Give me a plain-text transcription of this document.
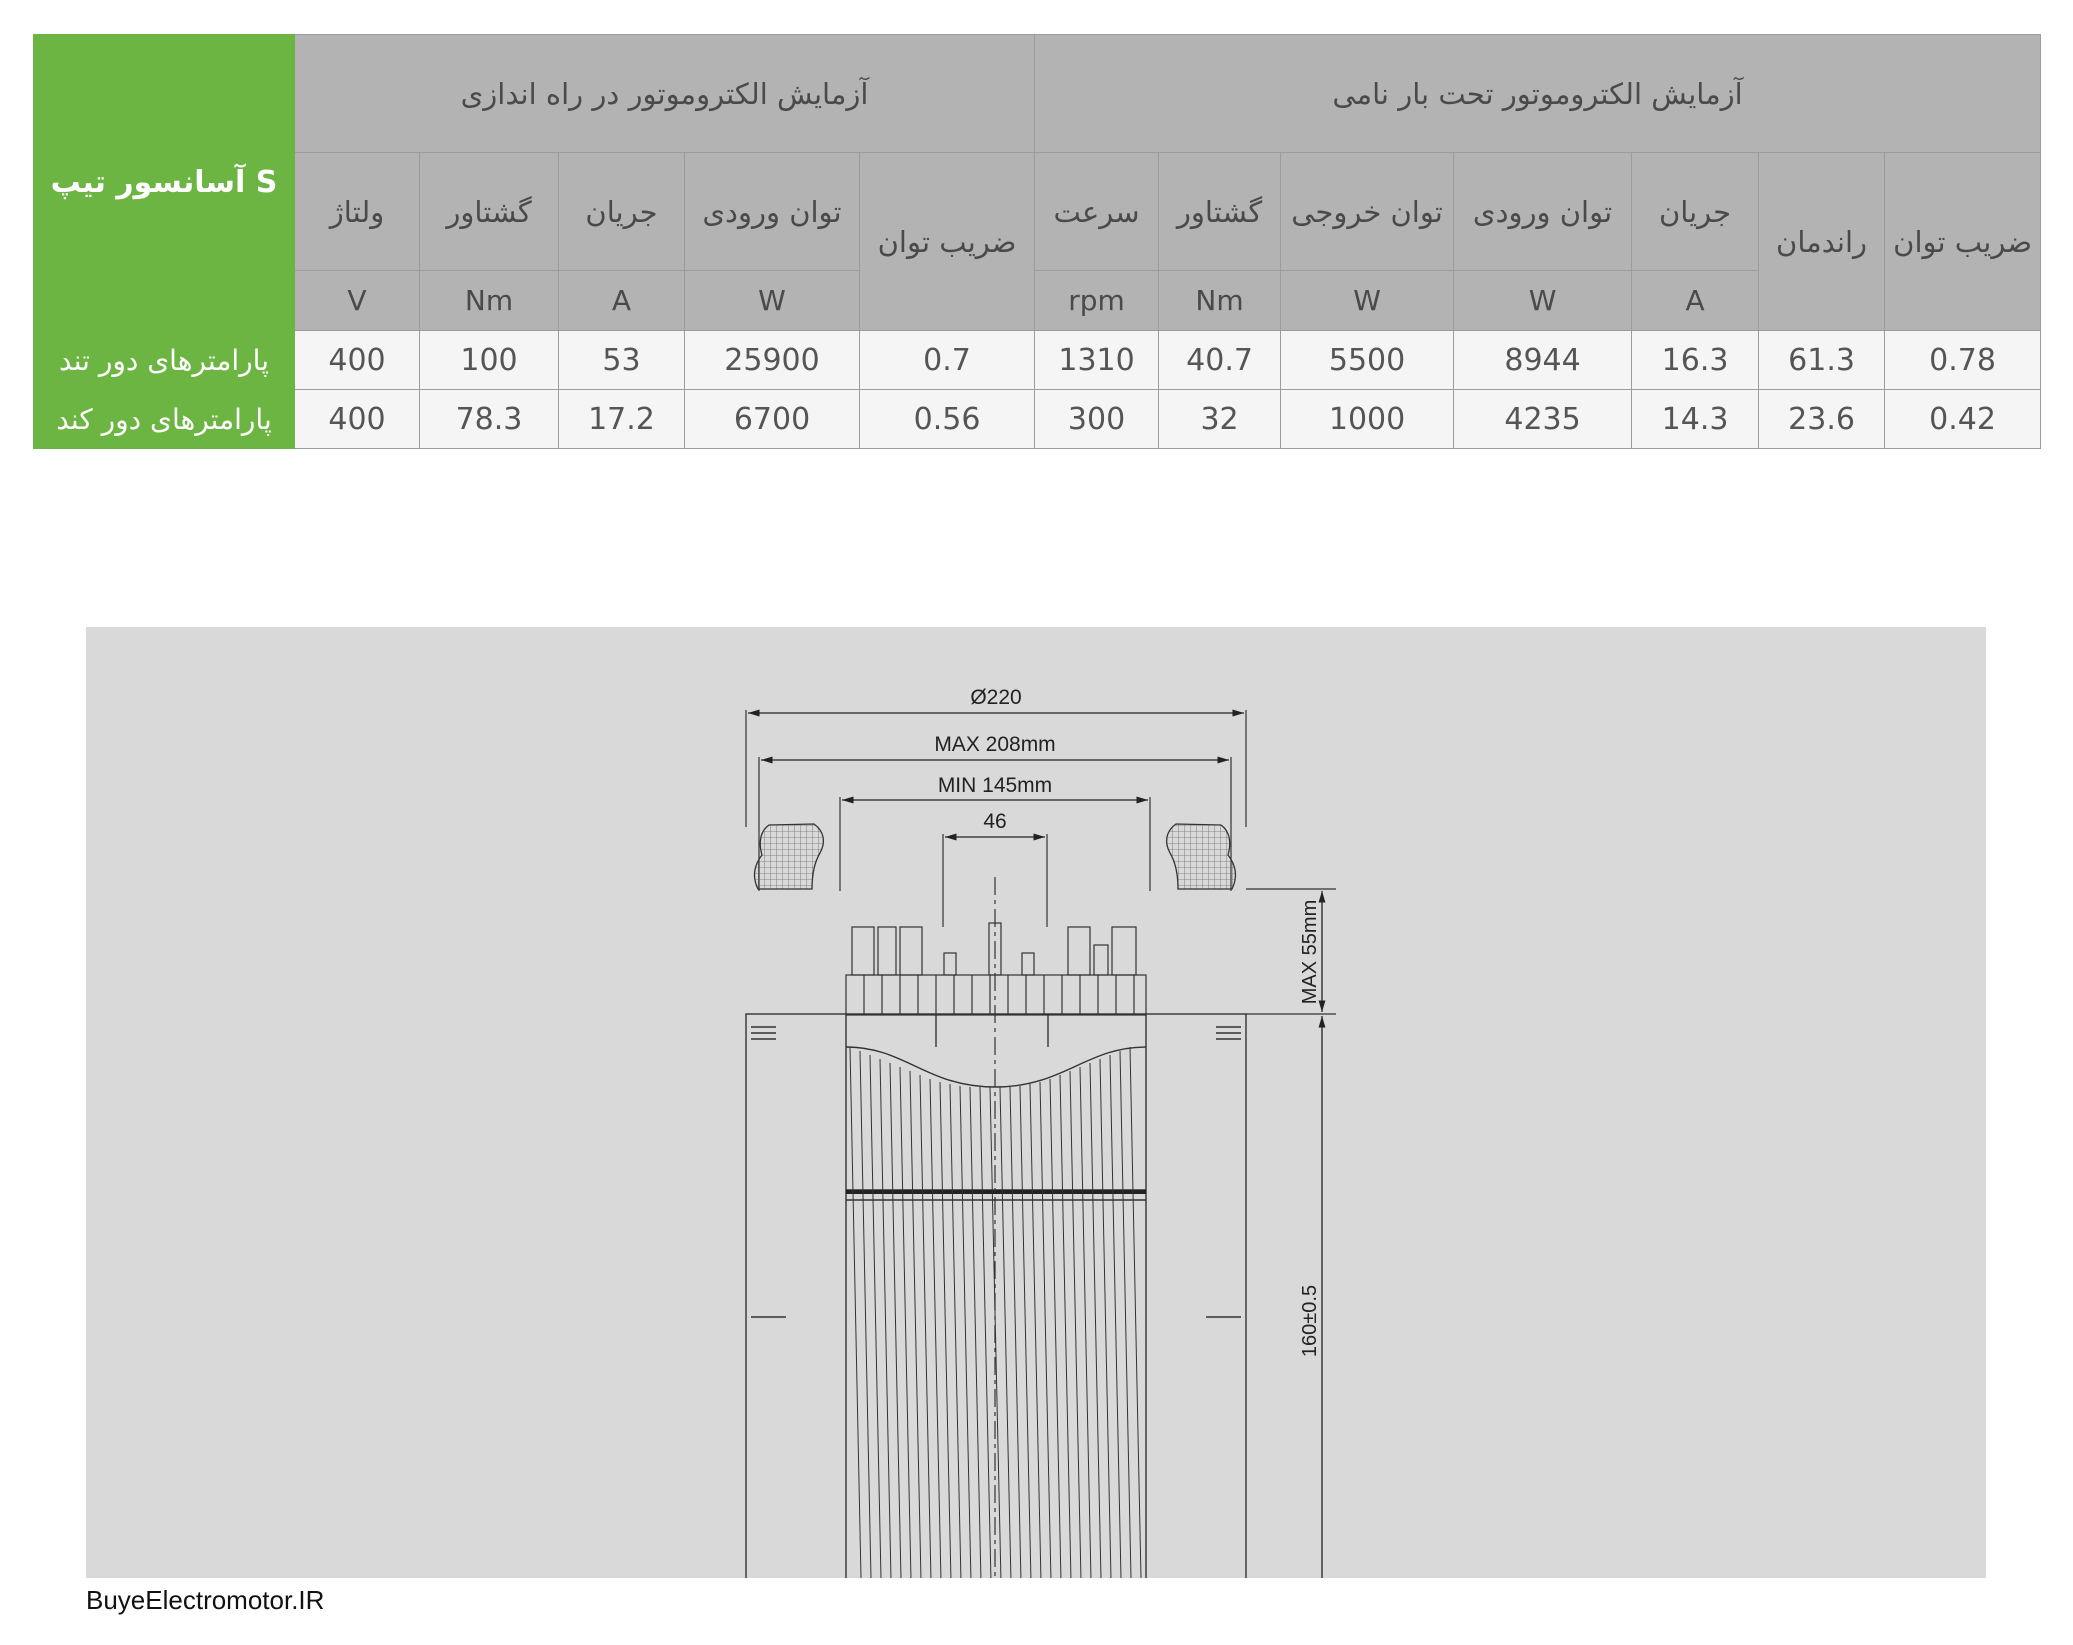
آسانسور تیپ S	آزمایش الکتروموتور در راه اندازی					آزمایش الکتروموتور تحت بار نامی						
	ولتاژ	گشتاور	جریان	توان ورودی	ضریب توان	سرعت	گشتاور	توان خروجی	توان ورودی	جریان	راندمان	ضریب توان
	V	Nm	A	W		rpm	Nm	W	W	A		
پارامترهای دور تند	400	100	53	25900	0.7	1310	40.7	5500	8944	16.3	61.3	0.78
پارامترهای دور کند	400	78.3	17.2	6700	0.56	300	32	1000	4235	14.3	23.6	0.42
Ø220
MAX 208mm
MIN 145mm
46
MAX 55mm
160±0.5
BuyeElectromotor.IR
